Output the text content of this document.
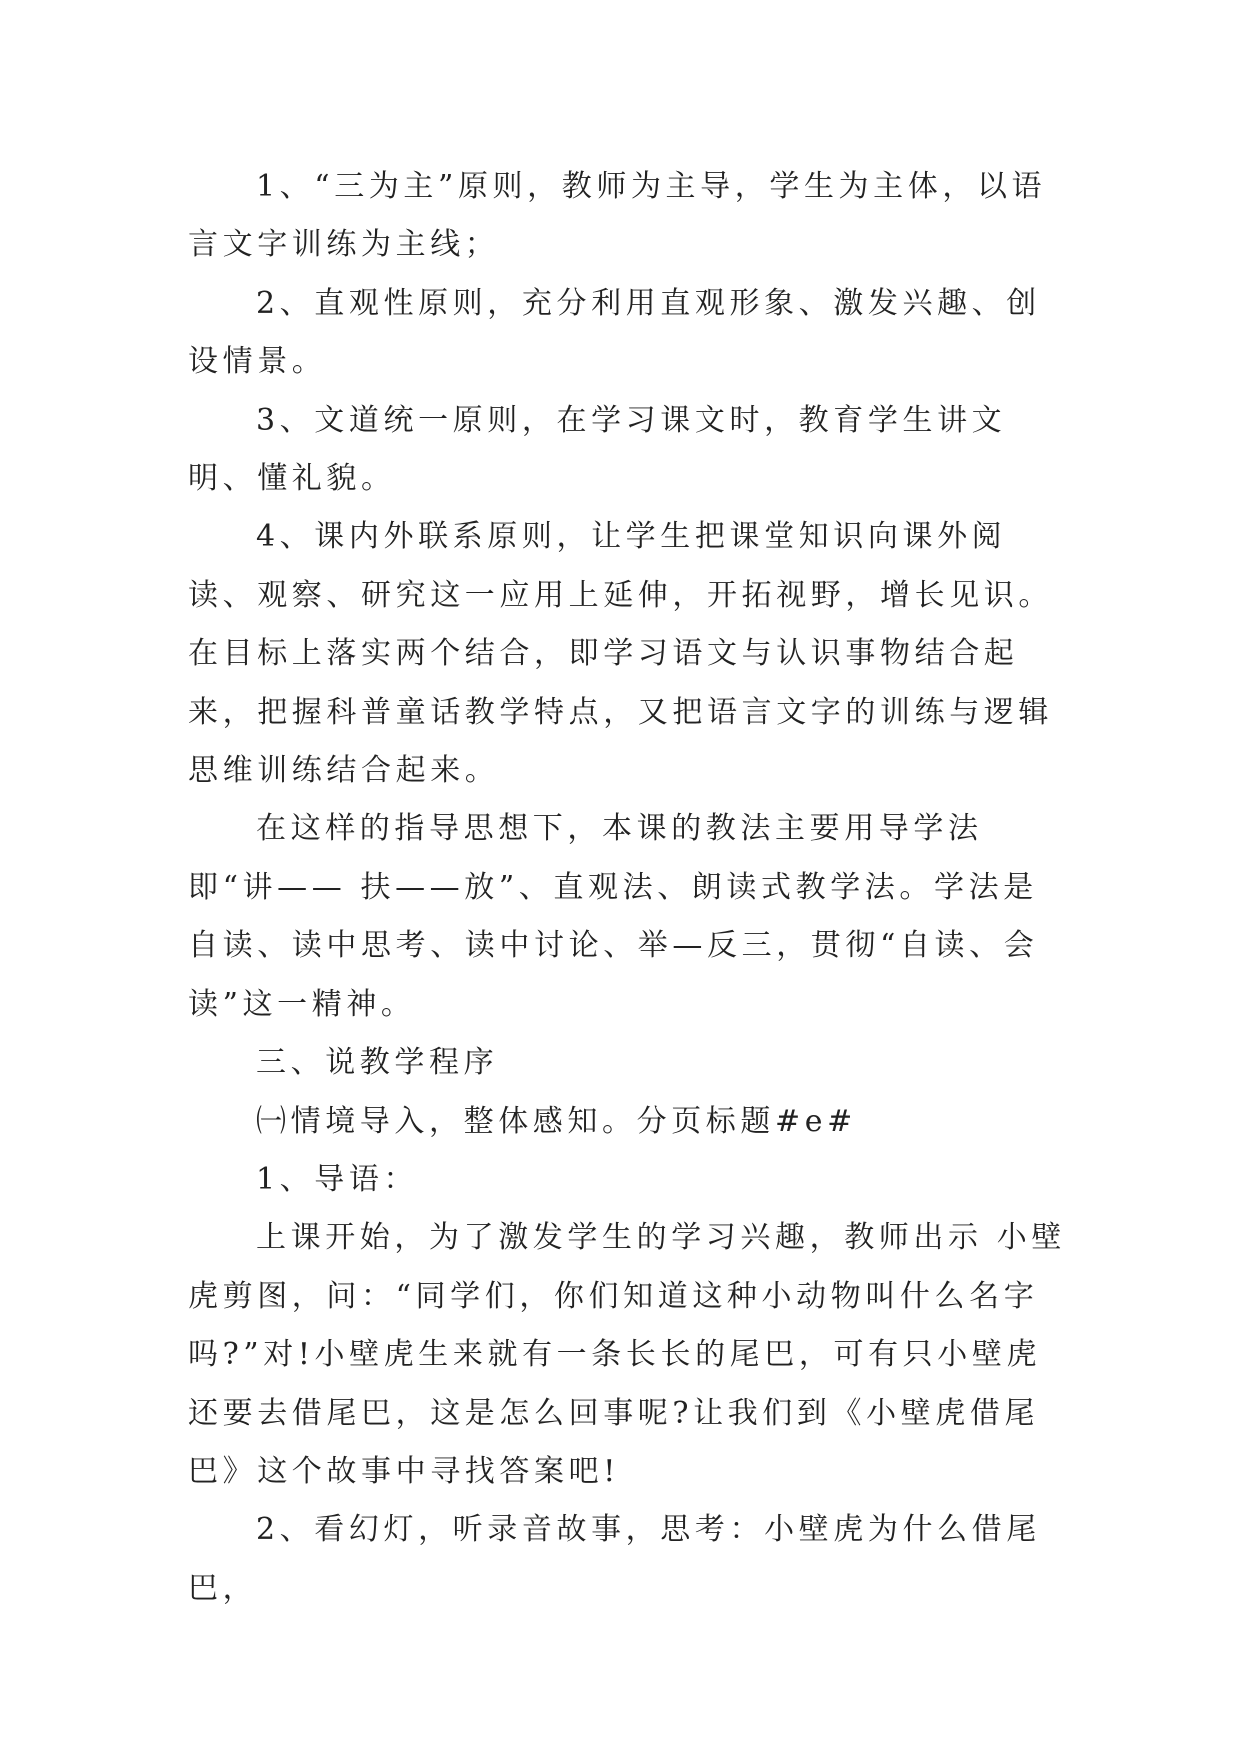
1、“三为主”原则，教师为主导，学生为主体，以语言文字训练为主线；

2、直观性原则，充分利用直观形象、激发兴趣、创设情景。

3、文道统一原则，在学习课文时，教育学生讲文明、懂礼貌。

4、课内外联系原则，让学生把课堂知识向课外阅读、观察、研究这一应用上延伸，开拓视野，增长见识。在目标上落实两个结合，即学习语文与认识事物结合起来，把握科普童话教学特点，又把语言文字的训练与逻辑思维训练结合起来。

在这样的指导思想下，本课的教法主要用导学法即“讲—— 扶——放”、直观法、朗读式教学法。学法是自读、读中思考、读中讨论、举—反三，贯彻“自读、会读”这一精神。

三、说教学程序

㈠情境导入，整体感知。分页标题#e#

1、导语：

上课开始，为了激发学生的学习兴趣，教师出示 小壁虎剪图，问：“同学们，你们知道这种小动物叫什么名字吗?”对!小壁虎生来就有一条长长的尾巴，可有只小壁虎还要去借尾巴，这是怎么回事呢?让我们到《小壁虎借尾巴》这个故事中寻找答案吧!

2、看幻灯，听录音故事，思考：小壁虎为什么借尾巴，
